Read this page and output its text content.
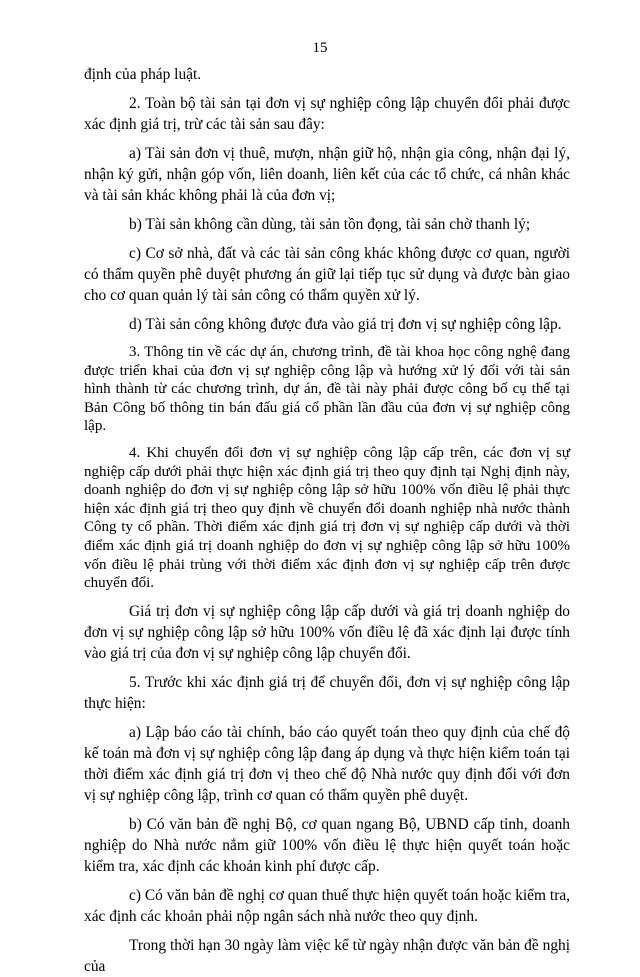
15

định của pháp luật.

2. Toàn bộ tài sản tại đơn vị sự nghiệp công lập chuyển đổi phải được xác định giá trị, trừ các tài sản sau đây:

a) Tài sản đơn vị thuê, mượn, nhận giữ hộ, nhận gia công, nhận đại lý, nhận ký gửi, nhận góp vốn, liên doanh, liên kết của các tổ chức, cá nhân khác và tài sản khác không phải là của đơn vị;

b) Tài sản không cần dùng, tài sản tồn đọng, tài sản chờ thanh lý;

c) Cơ sở nhà, đất và các tài sản công khác không được cơ quan, người có thẩm quyền phê duyệt phương án giữ lại tiếp tục sử dụng và được bàn giao cho cơ quan quản lý tài sản công có thẩm quyền xử lý.

d) Tài sản công không được đưa vào giá trị đơn vị sự nghiệp công lập.

3. Thông tin về các dự án, chương trình, đề tài khoa học công nghệ đang được triển khai của đơn vị sự nghiệp công lập và hướng xử lý đối với tài sản hình thành từ các chương trình, dự án, đề tài này phải được công bố cụ thể tại Bản Công bố thông tin bán đấu giá cổ phần lần đầu của đơn vị sự nghiệp công lập.

4. Khi chuyển đổi đơn vị sự nghiệp công lập cấp trên, các đơn vị sự nghiệp cấp dưới phải thực hiện xác định giá trị theo quy định tại Nghị định này, doanh nghiệp do đơn vị sự nghiệp công lập sở hữu 100% vốn điều lệ phải thực hiện xác định giá trị theo quy định về chuyển đổi doanh nghiệp nhà nước thành Công ty cổ phần. Thời điểm xác định giá trị đơn vị sự nghiệp cấp dưới và thời điểm xác định giá trị doanh nghiệp do đơn vị sự nghiệp công lập sở hữu 100% vốn điều lệ phải trùng với thời điểm xác định đơn vị sự nghiệp cấp trên được chuyển đổi.

Giá trị đơn vị sự nghiệp công lập cấp dưới và giá trị doanh nghiệp do đơn vị sự nghiệp công lập sở hữu 100% vốn điều lệ đã xác định lại được tính vào giá trị của đơn vị sự nghiệp công lập chuyển đổi.

5. Trước khi xác định giá trị để chuyển đổi, đơn vị sự nghiệp công lập thực hiện:

a) Lập báo cáo tài chính, báo cáo quyết toán theo quy định của chế độ kế toán mà đơn vị sự nghiệp công lập đang áp dụng và thực hiện kiểm toán tại thời điểm xác định giá trị đơn vị theo chế độ Nhà nước quy định đối với đơn vị sự nghiệp công lập, trình cơ quan có thẩm quyền phê duyệt.

b) Có văn bản đề nghị Bộ, cơ quan ngang Bộ, UBND cấp tỉnh, doanh nghiệp do Nhà nước nắm giữ 100% vốn điều lệ thực hiện quyết toán hoặc kiểm tra, xác định các khoản kinh phí được cấp.

c) Có văn bản đề nghị cơ quan thuế thực hiện quyết toán hoặc kiểm tra, xác định các khoản phải nộp ngân sách nhà nước theo quy định.

Trong thời hạn 30 ngày làm việc kể từ ngày nhận được văn bản đề nghị của
